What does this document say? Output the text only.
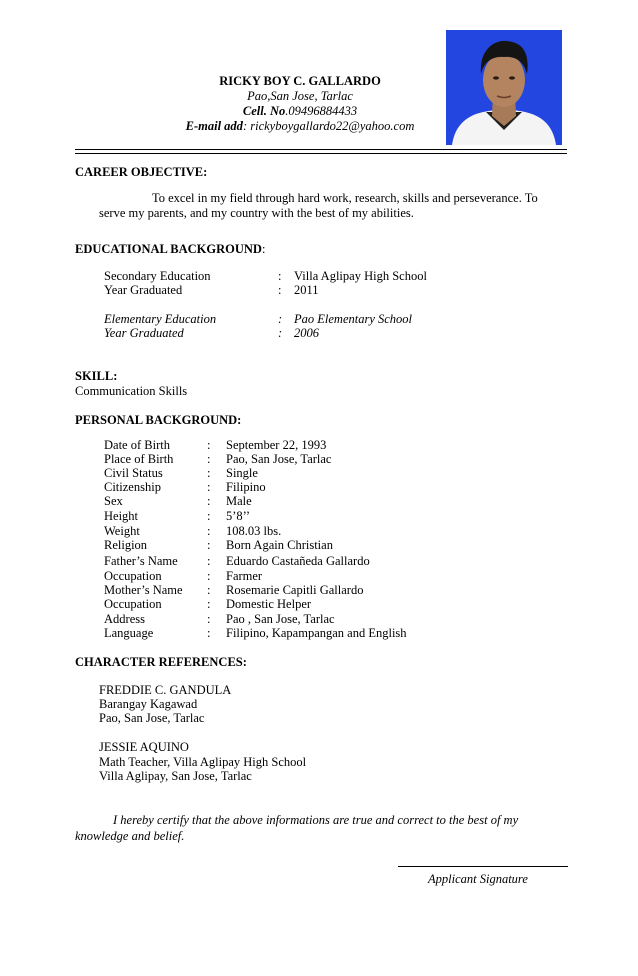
RICKY BOY C. GALLARDO
Pao,San Jose, Tarlac
Cell. No.09496884433
E-mail add: rickyboygallardo22@yahoo.com
CAREER OBJECTIVE:
To excel in my field through hard work, research, skills and perseverance. To
serve my parents, and my country with the best of my abilities.
EDUCATIONAL BACKGROUND:
Secondary Education	: Villa Aglipay High School
Year Graduated	: 2011
Elementary Education	: Pao Elementary School
Year Graduated	: 2006
SKILL:
Communication Skills
PERSONAL BACKGROUND:
Date of Birth	: September 22, 1993
Place of Birth	: Pao, San Jose, Tarlac
Civil Status	: Single
Citizenship	: Filipino
Sex	: Male
Height	: 5’8’’
Weight	: 108.03 lbs.
Religion	: Born Again Christian
Father’s Name : Eduardo Castañeda Gallardo
Occupation	: Farmer
Mother’s Name : Rosemarie Capitli Gallardo
Occupation	: Domestic Helper
Address	: Pao , San Jose, Tarlac
Language	: Filipino, Kapampangan and English
CHARACTER REFERENCES:
FREDDIE C. GANDULA
Barangay Kagawad
Pao, San Jose, Tarlac
JESSIE AQUINO
Math Teacher, Villa Aglipay High School
Villa Aglipay, San Jose, Tarlac
I hereby certify that the above informations are true and correct to the best of my
knowledge and belief.
Applicant Signature
